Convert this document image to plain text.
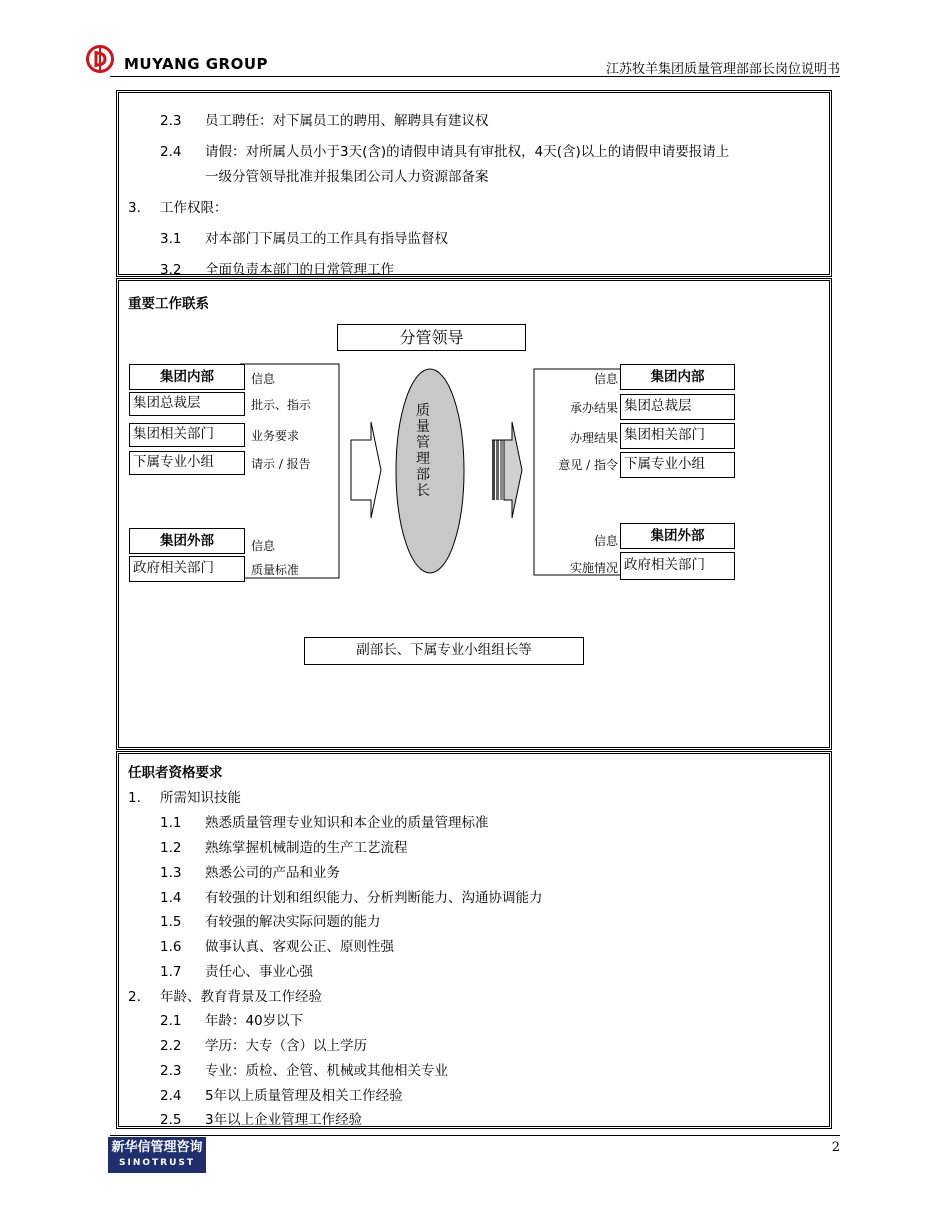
MUYANG GROUP	江苏牧羊集团质量管理部部长岗位说明书
2.3 员工聘任：对下属员工的聘用、解聘具有建议权
2.4 请假：对所属人员小于3天(含)的请假申请具有审批权，4天(含)以上的请假申请要报请上
一级分管领导批准并报集团公司人力资源部备案
3. 工作权限：
3.1 对本部门下属员工的工作具有指导监督权
3.2 全面负责本部门的日常管理工作
重要工作联系
分管领导
集团内部
集团总裁层
集团相关部门
下属专业小组
信息
批示、指示
业务要求
请示 / 报告
集团外部
政府相关部门
信息
质量标准
质量管理部长
信息
承办结果
办理结果
意见 / 指令
集团内部
集团总裁层
集团相关部门
下属专业小组
信息
实施情况
集团外部
政府相关部门
副部长、下属专业小组组长等
任职者资格要求
1. 所需知识技能
1.1 熟悉质量管理专业知识和本企业的质量管理标准
1.2 熟练掌握机械制造的生产工艺流程
1.3 熟悉公司的产品和业务
1.4 有较强的计划和组织能力、分析判断能力、沟通协调能力
1.5 有较强的解决实际问题的能力
1.6 做事认真、客观公正、原则性强
1.7 责任心、事业心强
2. 年龄、教育背景及工作经验
2.1 年龄：40岁以下
2.2 学历：大专（含）以上学历
2.3 专业：质检、企管、机械或其他相关专业
2.4 5年以上质量管理及相关工作经验
2.5 3年以上企业管理工作经验
新华信管理咨询
SINOTRUST
2
